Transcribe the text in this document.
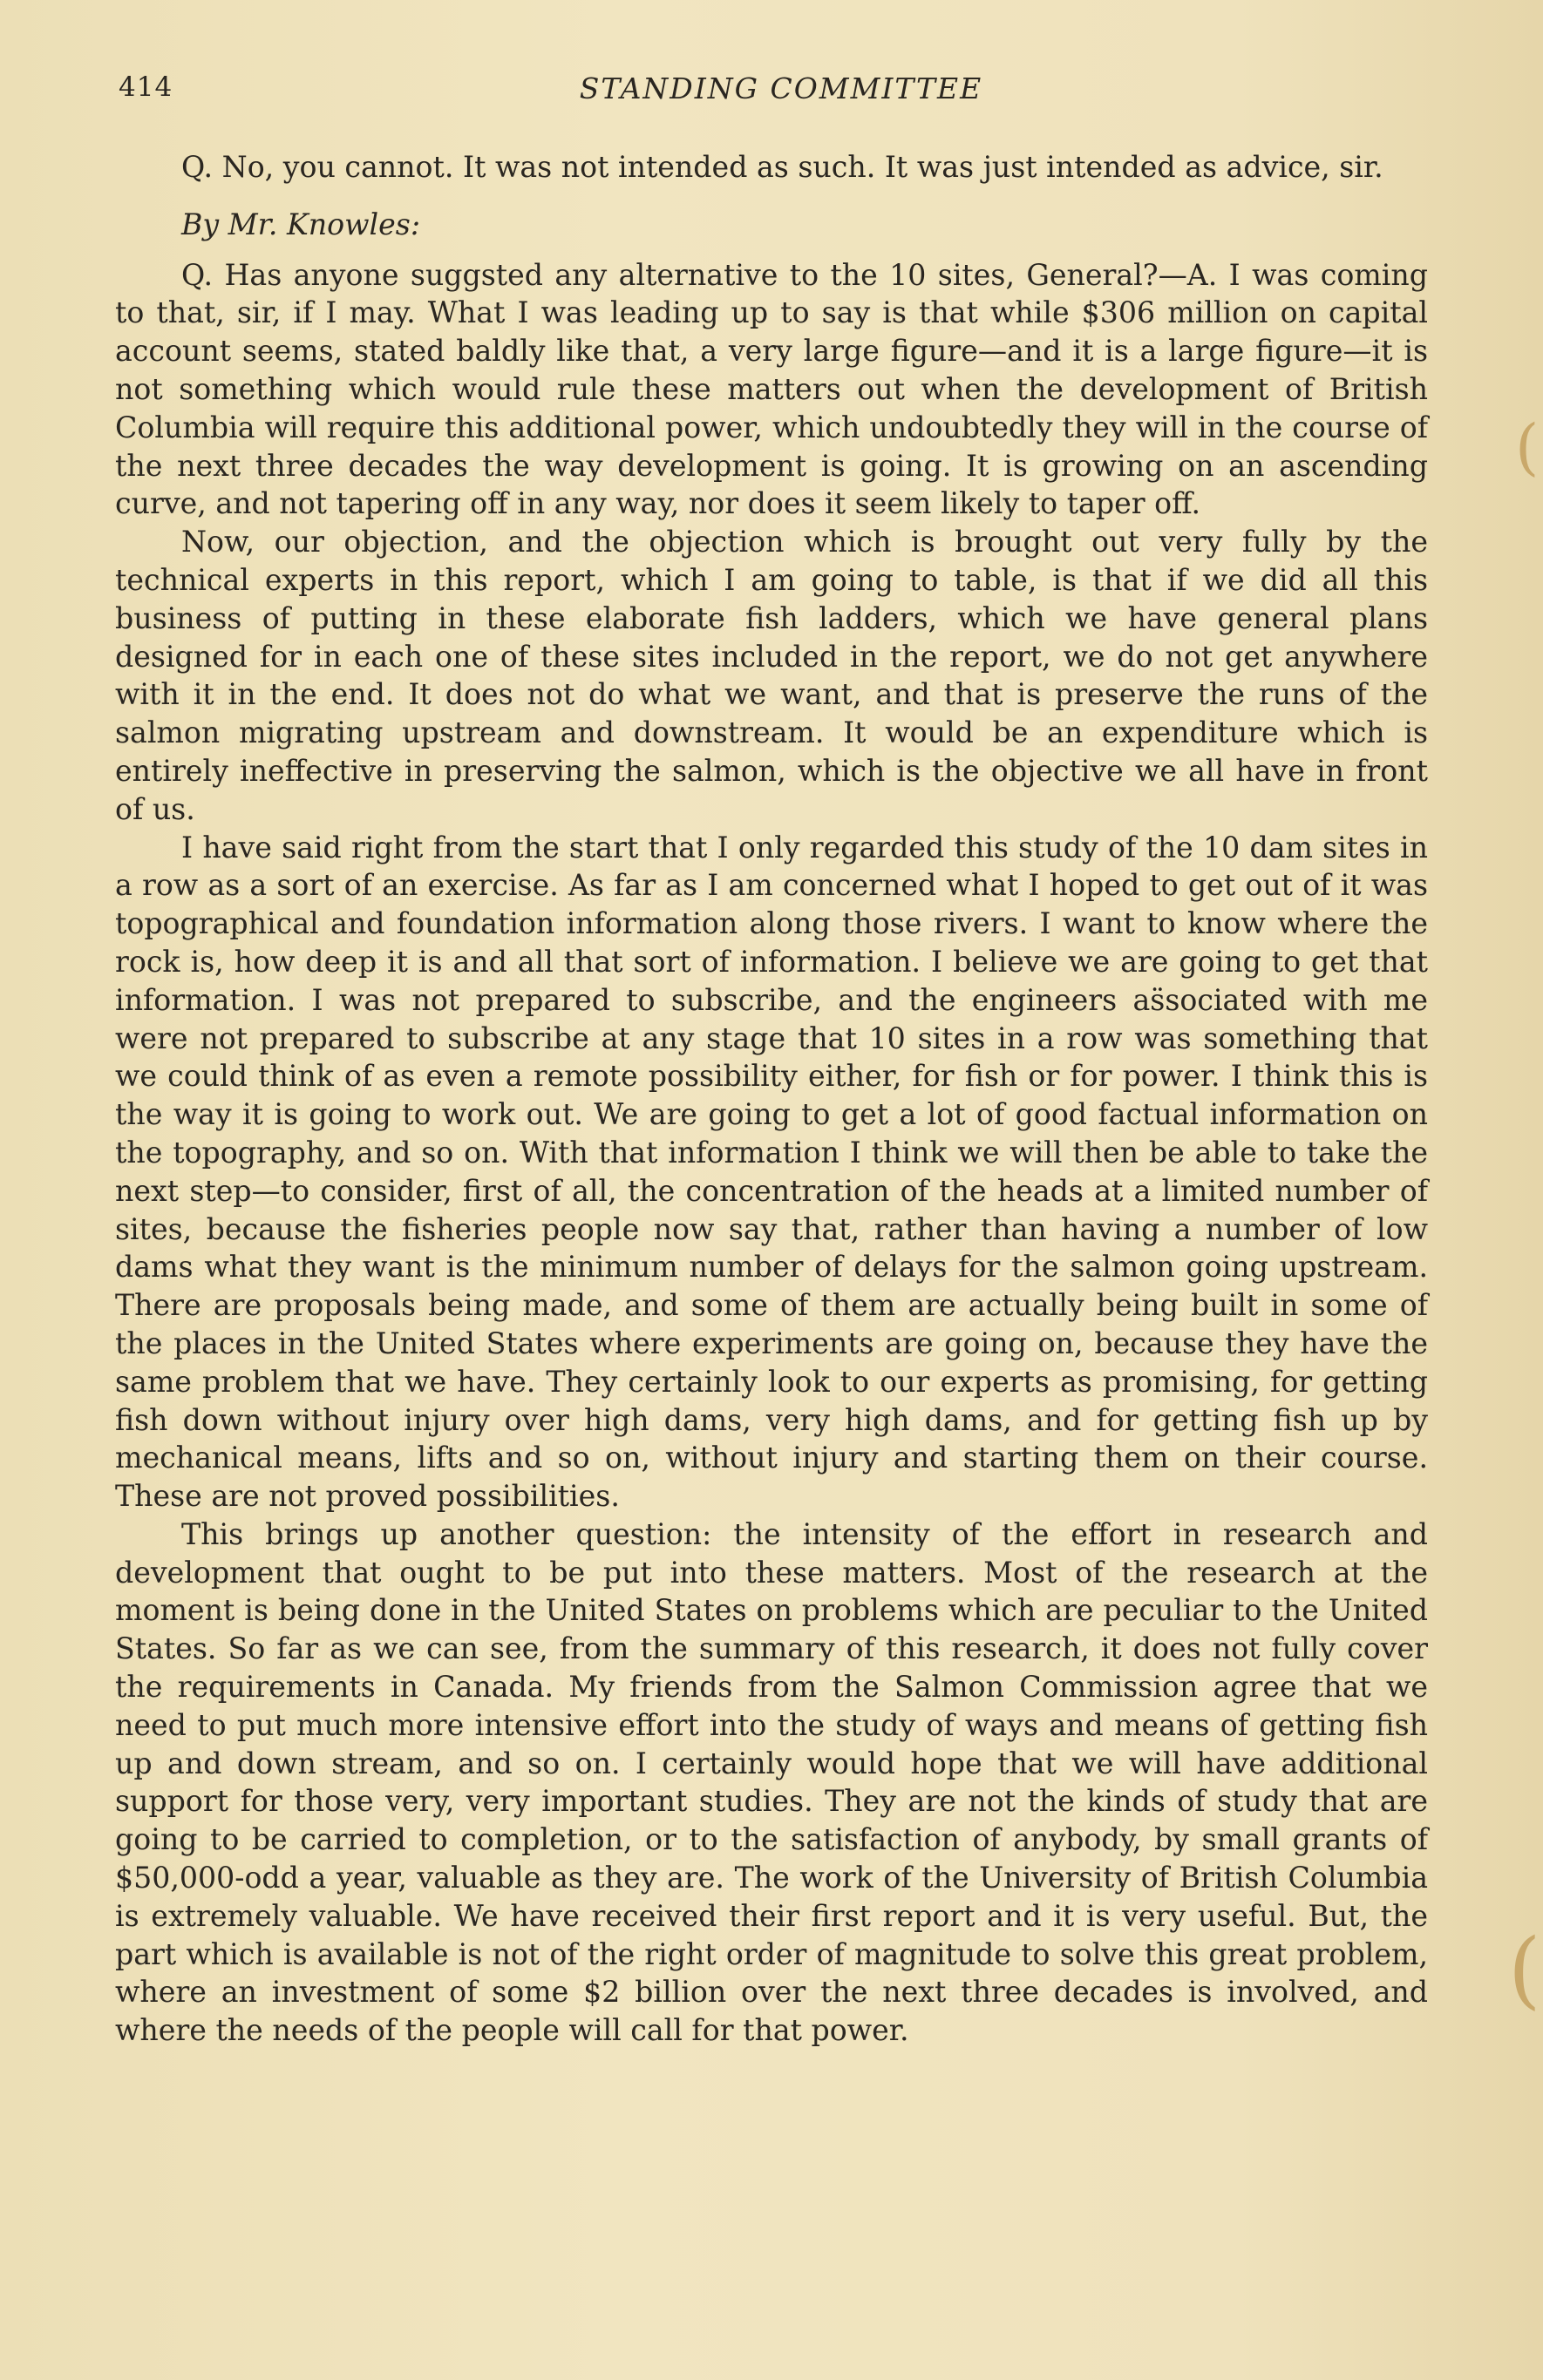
414	STANDING COMMITTEE

Q. No, you cannot. It was not intended as such. It was just intended as advice, sir.

By Mr. Knowles:

Q. Has anyone suggsted any alternative to the 10 sites, General?—A. I was coming to that, sir, if I may. What I was leading up to say is that while $306 million on capital account seems, stated baldly like that, a very large figure—and it is a large figure—it is not something which would rule these matters out when the development of British Columbia will require this additional power, which undoubtedly they will in the course of the next three decades the way development is going. It is growing on an ascending curve, and not tapering off in any way, nor does it seem likely to taper off.

Now, our objection, and the objection which is brought out very fully by the technical experts in this report, which I am going to table, is that if we did all this business of putting in these elaborate fish ladders, which we have general plans designed for in each one of these sites included in the report, we do not get anywhere with it in the end. It does not do what we want, and that is preserve the runs of the salmon migrating upstream and downstream. It would be an expenditure which is entirely ineffective in preserving the salmon, which is the objective we all have in front of us.

I have said right from the start that I only regarded this study of the 10 dam sites in a row as a sort of an exercise. As far as I am concerned what I hoped to get out of it was topographical and foundation information along those rivers. I want to know where the rock is, how deep it is and all that sort of information. I believe we are going to get that information. I was not prepared to subscribe, and the engineers as̈sociated with me were not prepared to subscribe at any stage that 10 sites in a row was something that we could think of as even a remote possibility either, for fish or for power. I think this is the way it is going to work out. We are going to get a lot of good factual information on the topography, and so on. With that information I think we will then be able to take the next step—to consider, first of all, the concentration of the heads at a limited number of sites, because the fisheries people now say that, rather than having a number of low dams what they want is the minimum number of delays for the salmon going upstream. There are proposals being made, and some of them are actually being built in some of the places in the United States where experiments are going on, because they have the same problem that we have. They certainly look to our experts as promising, for getting fish down without injury over high dams, very high dams, and for getting fish up by mechanical means, lifts and so on, without injury and starting them on their course. These are not proved possibilities.

This brings up another question: the intensity of the effort in research and development that ought to be put into these matters. Most of the research at the moment is being done in the United States on problems which are peculiar to the United States. So far as we can see, from the summary of this research, it does not fully cover the requirements in Canada. My friends from the Salmon Commission agree that we need to put much more intensive effort into the study of ways and means of getting fish up and down stream, and so on. I certainly would hope that we will have additional support for those very, very important studies. They are not the kinds of study that are going to be carried to completion, or to the satisfaction of anybody, by small grants of $50,000-odd a year, valuable as they are. The work of the University of British Columbia is extremely valuable. We have received their first report and it is very useful. But, the part which is available is not of the right order of magnitude to solve this great problem, where an investment of some $2 billion over the next three decades is involved, and where the needs of the people will call for that power.

(
(
